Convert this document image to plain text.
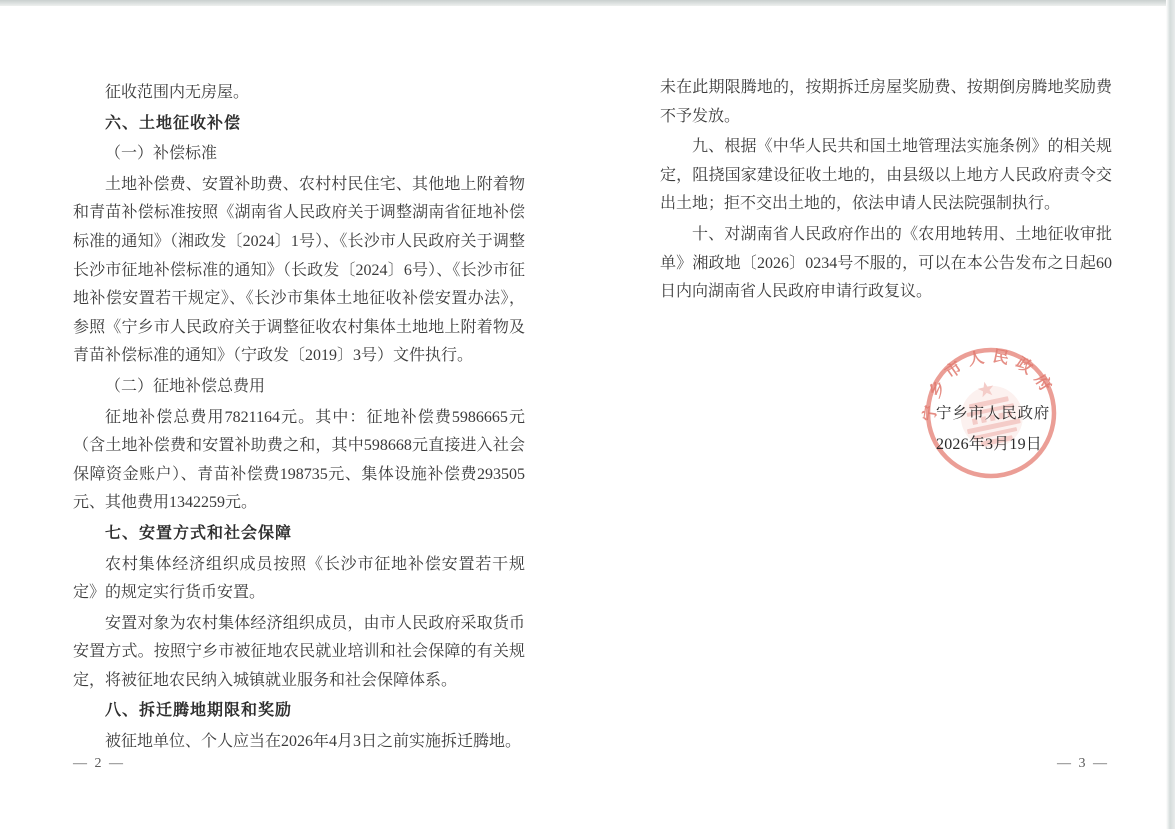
征收范围内无房屋。

六、土地征收补偿

（一）补偿标准

土地补偿费、安置补助费、农村村民住宅、其他地上附着物和青苗补偿标准按照《湖南省人民政府关于调整湖南省征地补偿标准的通知》（湘政发〔2024〕1号）、《长沙市人民政府关于调整长沙市征地补偿标准的通知》（长政发〔2024〕6号）、《长沙市征地补偿安置若干规定》、《长沙市集体土地征收补偿安置办法》，参照《宁乡市人民政府关于调整征收农村集体土地地上附着物及青苗补偿标准的通知》（宁政发〔2019〕3号）文件执行。

（二）征地补偿总费用

征地补偿总费用7821164元。其中：征地补偿费5986665元（含土地补偿费和安置补助费之和，其中598668元直接进入社会保障资金账户）、青苗补偿费198735元、集体设施补偿费293505元、其他费用1342259元。

七、安置方式和社会保障

农村集体经济组织成员按照《长沙市征地补偿安置若干规定》的规定实行货币安置。

安置对象为农村集体经济组织成员，由市人民政府采取货币安置方式。按照宁乡市被征地农民就业培训和社会保障的有关规定，将被征地农民纳入城镇就业服务和社会保障体系。

八、拆迁腾地期限和奖励

被征地单位、个人应当在2026年4月3日之前实施拆迁腾地。

— 2 —

未在此期限腾地的，按期拆迁房屋奖励费、按期倒房腾地奖励费不予发放。

九、根据《中华人民共和国土地管理法实施条例》的相关规定，阻挠国家建设征收土地的，由县级以上地方人民政府责令交出土地；拒不交出土地的，依法申请人民法院强制执行。

十、对湖南省人民政府作出的《农用地转用、土地征收审批单》湘政地〔2026〕0234号不服的，可以在本公告发布之日起60日内向湖南省人民政府申请行政复议。

— 3 —
宁乡市人民政府
宁乡市人民政府
2026年3月19日
